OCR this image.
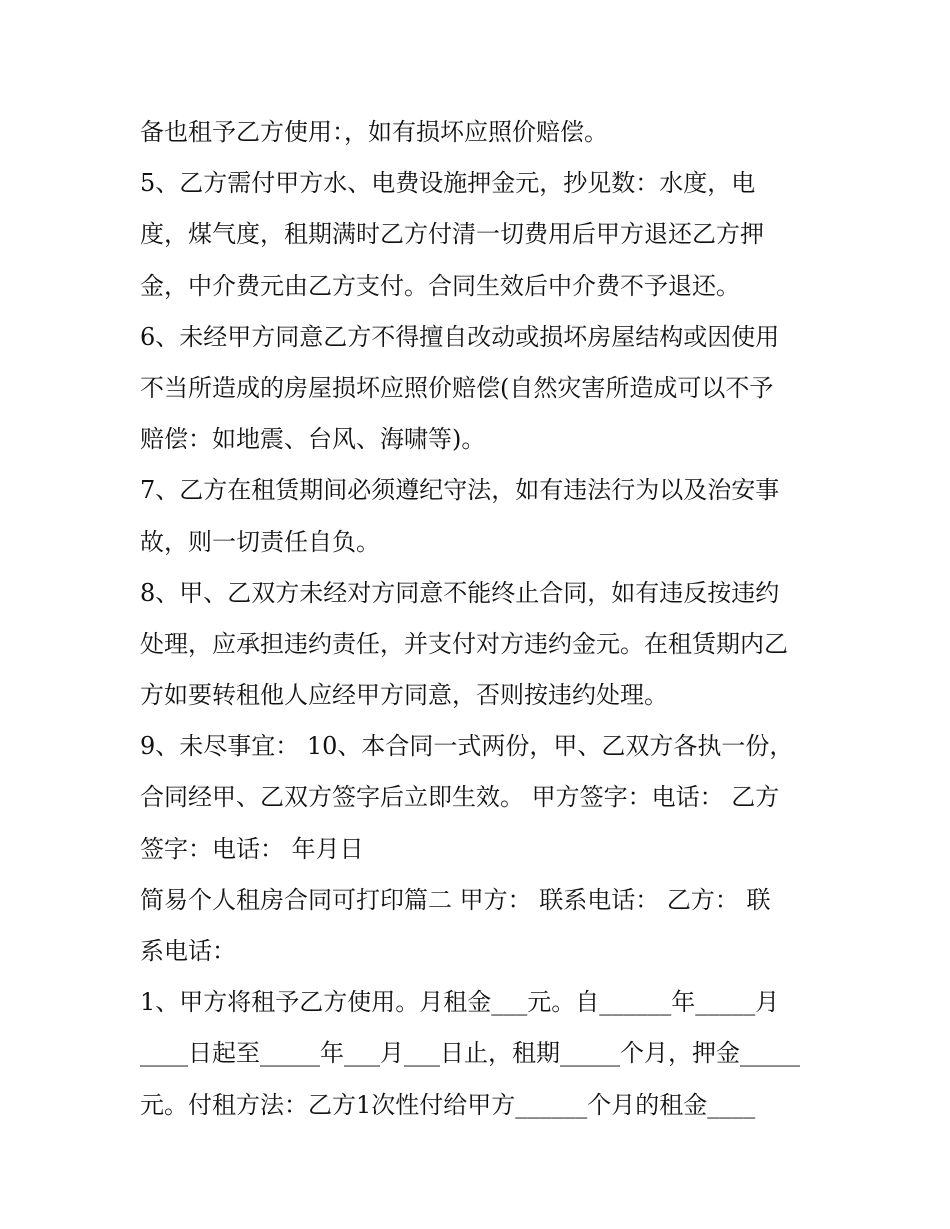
备也租予乙方使用：，如有损坏应照价赔偿。
5、乙方需付甲方水、电费设施押金元，抄见数：水度，电
度，煤气度，租期满时乙方付清一切费用后甲方退还乙方押
金，中介费元由乙方支付。合同生效后中介费不予退还。
6、未经甲方同意乙方不得擅自改动或损坏房屋结构或因使用
不当所造成的房屋损坏应照价赔偿(自然灾害所造成可以不予
赔偿：如地震、台风、海啸等)。
7、乙方在租赁期间必须遵纪守法，如有违法行为以及治安事
故，则一切责任自负。
8、甲、乙双方未经对方同意不能终止合同，如有违反按违约
处理，应承担违约责任，并支付对方违约金元。在租赁期内乙
方如要转租他人应经甲方同意，否则按违约处理。
9、未尽事宜： 10、本合同一式两份，甲、乙双方各执一份，
合同经甲、乙双方签字后立即生效。 甲方签字：电话： 乙方
签字：电话： 年月日
简易个人租房合同可打印篇二 甲方： 联系电话： 乙方： 联
系电话：
1、甲方将租予乙方使用。月租金___元。自______年_____月
____日起至_____年___月___日止，租期_____个月，押金_____
元。付租方法：乙方1次性付给甲方______个月的租金____
